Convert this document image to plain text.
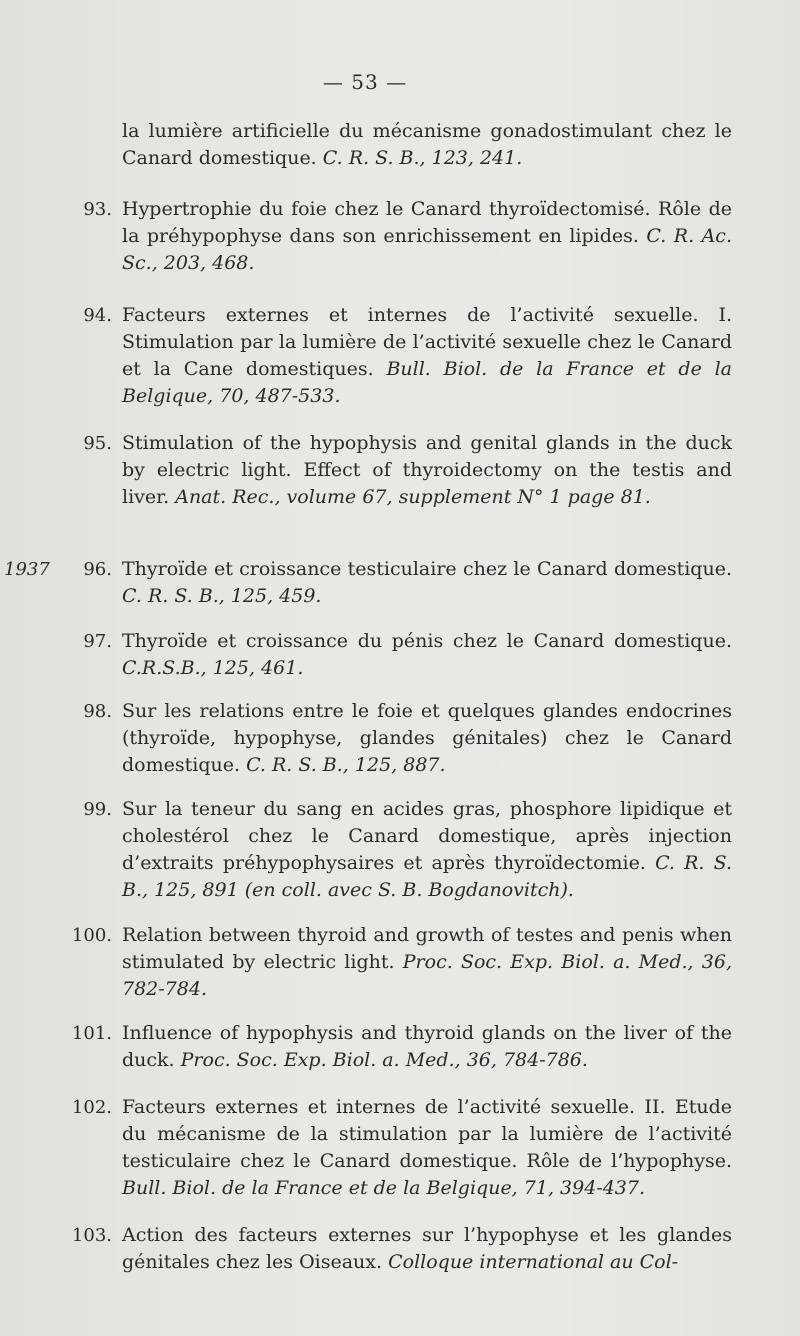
— 53 —
la lumière artificielle du mécanisme gonadostimulant chez le Canard domestique. C. R. S. B., 123, 241.
93. Hypertrophie du foie chez le Canard thyroïdectomisé. Rôle de la préhypophyse dans son enrichissement en lipides. C. R. Ac. Sc., 203, 468.
94. Facteurs externes et internes de l’activité sexuelle. I. Stimulation par la lumière de l’activité sexuelle chez le Canard et la Cane domestiques. Bull. Biol. de la France et de la Belgique, 70, 487-533.
95. Stimulation of the hypophysis and genital glands in the duck by electric light. Effect of thyroidectomy on the testis and liver. Anat. Rec., volume 67, supplement N° 1 page 81.
1937	96. Thyroïde et croissance testiculaire chez le Canard domestique. C. R. S. B., 125, 459.
97. Thyroïde et croissance du pénis chez le Canard domestique. C.R.S.B., 125, 461.
98. Sur les relations entre le foie et quelques glandes endocrines (thyroïde, hypophyse, glandes génitales) chez le Canard domestique. C. R. S. B., 125, 887.
99. Sur la teneur du sang en acides gras, phosphore lipidique et cholestérol chez le Canard domestique, après injection d’extraits préhypophysaires et après thyroïdectomie. C. R. S. B., 125, 891 (en coll. avec S. B. Bogdanovitch).
100. Relation between thyroid and growth of testes and penis when stimulated by electric light. Proc. Soc. Exp. Biol. a. Med., 36, 782-784.
101. Influence of hypophysis and thyroid glands on the liver of the duck. Proc. Soc. Exp. Biol. a. Med., 36, 784-786.
102. Facteurs externes et internes de l’activité sexuelle. II. Etude du mécanisme de la stimulation par la lumière de l’activité testiculaire chez le Canard domestique. Rôle de l’hypophyse. Bull. Biol. de la France et de la Belgique, 71, 394-437.
103. Action des facteurs externes sur l’hypophyse et les glandes génitales chez les Oiseaux. Colloque international au Col-
